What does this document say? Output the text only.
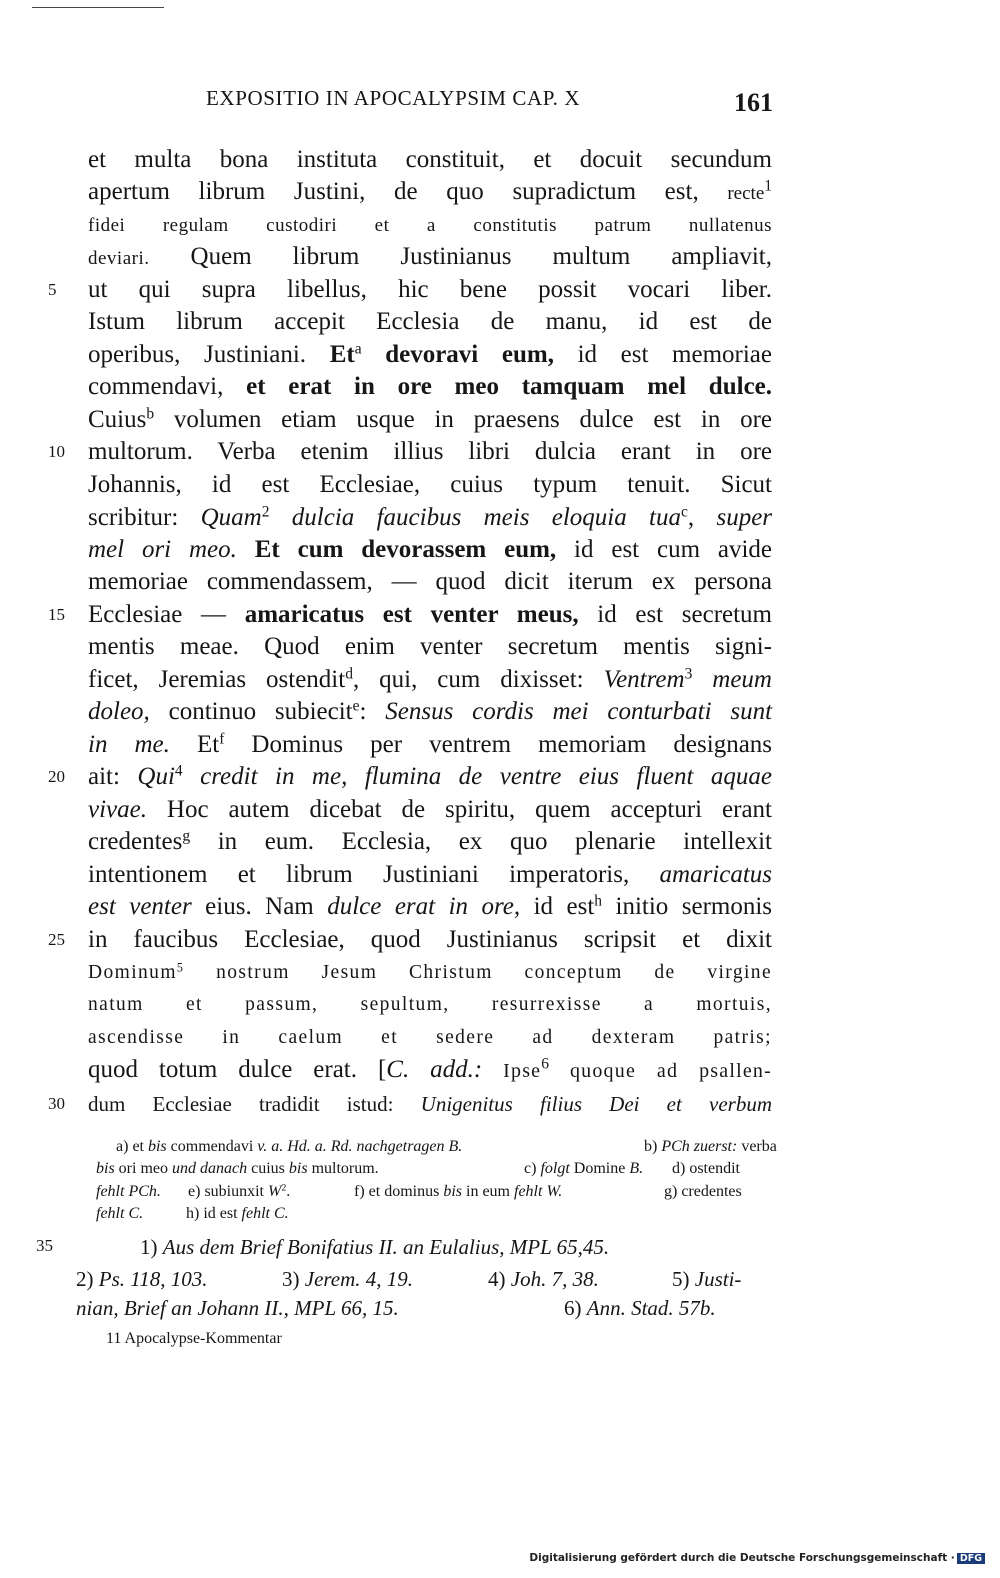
EXPOSITIO IN APOCALYPSIM CAP. X	161
et multa bona instituta constituit, et docuit secundum
apertum librum Justini, de quo supradictum est, recte$^1$
fidei regulam custodiri et a constitutis patrum nullatenus
deviari. Quem librum Justinianus multum ampliavit,
ut qui supra libellus, hic bene possit vocari liber.
Istum librum accepit Ecclesia de manu, id est de
operibus, Justiniani. Et$^a$ devoravi eum, id est memoriae
commendavi, et erat in ore meo tamquam mel dulce.
Cuius$^b$ volumen etiam usque in praesens dulce est in ore
multorum. Verba etenim illius libri dulcia erant in ore
Johannis, id est Ecclesiae, cuius typum tenuit. Sicut
scribitur: Quam$^2$ dulcia faucibus meis eloquia tua$^c$, super
mel ori meo. Et cum devorassem eum, id est cum avide
memoriae commendassem, — quod dicit iterum ex persona
Ecclesiae — amaricatus est venter meus, id est secretum
mentis meae. Quod enim venter secretum mentis signi-
ficet, Jeremias ostendit$^d$, qui, cum dixisset: Ventrem$^3$ meum
doleo, continuo subiecit$^e$: Sensus cordis mei conturbati sunt
in me. Et$^f$ Dominus per ventrem memoriam designans
ait: Qui$^4$ credit in me, flumina de ventre eius fluent aquae
vivae. Hoc autem dicebat de spiritu, quem accepturi erant
credentes$^g$ in eum. Ecclesia, ex quo plenarie intellexit
intentionem et librum Justiniani imperatoris, amaricatus
est venter eius. Nam dulce erat in ore, id est$^h$ initio sermonis
in faucibus Ecclesiae, quod Justinianus scripsit et dixit
Dominum$^5$ nostrum Jesum Christum conceptum de virgine
natum et passum, sepultum, resurrexisse a mortuis,
ascendisse in caelum et sedere ad dexteram patris;
quod totum dulce erat. [C. add.: Ipse$^6$ quoque ad psallen-
dum Ecclesiae tradidit istud: Unigenitus filius Dei et verbum
5
10
15
20
25
30
a) et bis commendavi v. a. Hd. a. Rd. nachgetragen B.	b) PCh zuerst: verba
bis ori meo und danach cuius bis multorum.	c) folgt Domine B. d) ostendit
fehlt PCh. e) subiunxit $W^2$.	f) et dominus bis in eum fehlt W.	g) credentes
fehlt C.	h) id est fehlt C.
35	1) Aus dem Brief Bonifatius II. an Eulalius, MPL 65,45.
2) Ps. 118, 103.	3) Jerem. 4, 19.	4) Joh. 7, 38.	5) Justi-
nian, Brief an Johann II., MPL 66, 15.	6) Ann. Stad. 57b.
11 Apocalypse-Kommentar
Digitalisierung gefördert durch die Deutsche Forschungsgemeinschaft · DFG
